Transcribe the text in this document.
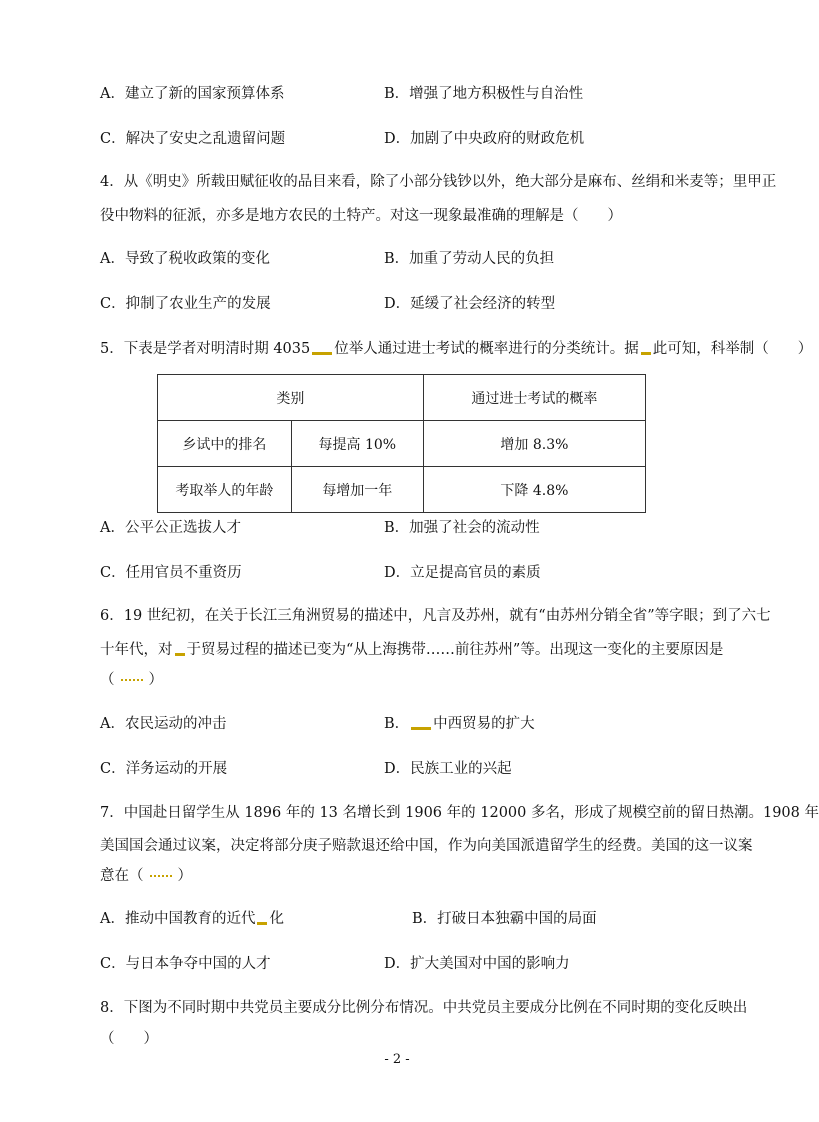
A．建立了新的国家预算体系	B．增强了地方积极性与自治性
C．解决了安史之乱遗留问题	D．加剧了中央政府的财政危机
4．从《明史》所载田赋征收的品目来看，除了小部分钱钞以外，绝大部分是麻布、丝绢和米麦等；里甲正
役中物料的征派，亦多是地方农民的土特产。对这一现象最准确的理解是（　　）
A．导致了税收政策的变化	B．加重了劳动人民的负担
C．抑制了农业生产的发展	D．延缓了社会经济的转型
5．下表是学者对明清时期 4035 位举人通过进士考试的概率进行的分类统计。据 此可知，科举制（　　）
类别		通过进士考试的概率
乡试中的排名	每提高 10%	增加 8.3%
考取举人的年龄	每增加一年	下降 4.8%
A．公平公正选拔人才	B．加强了社会的流动性
C．任用官员不重资历	D．立足提高官员的素质
6．19 世纪初，在关于长江三角洲贸易的描述中，凡言及苏州，就有“由苏州分销全省”等字眼；到了六七
十年代，对 于贸易过程的描述已变为“从上海携带……前往苏州”等。出现这一变化的主要原因是
（ ）
A．农民运动的冲击	B． 中西贸易的扩大
C．洋务运动的开展	D．民族工业的兴起
7．中国赴日留学生从 1896 年的 13 名增长到 1906 年的 12000 多名，形成了规模空前的留日热潮。1908 年
美国国会通过议案，决定将部分庚子赔款退还给中国，作为向美国派遣留学生的经费。美国的这一议案
意在（ ）
A．推动中国教育的近代 化	B．打破日本独霸中国的局面
C．与日本争夺中国的人才	D．扩大美国对中国的影响力
8．下图为不同时期中共党员主要成分比例分布情况。中共党员主要成分比例在不同时期的变化反映出
（　　）
- 2 -
